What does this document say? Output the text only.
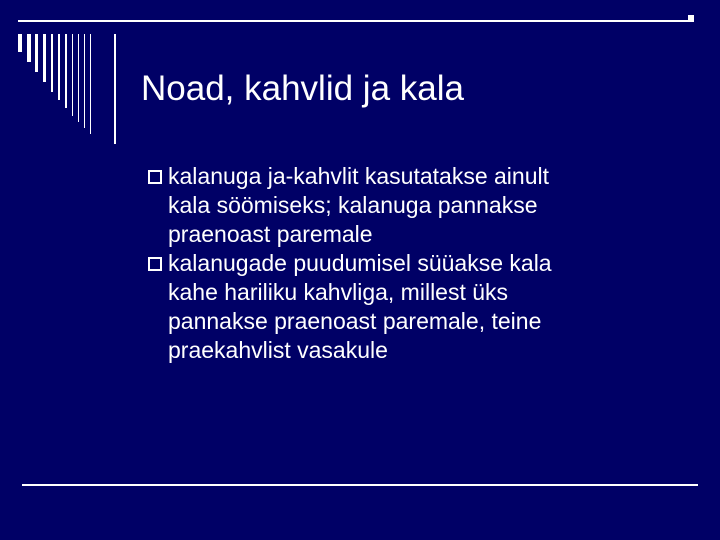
Noad, kahvlid ja kala
kalanuga ja-kahvlit kasutatakse ainult
kala söömiseks; kalanuga pannakse
praenoast paremale
kalanugade puudumisel süüakse kala
kahe hariliku kahvliga, millest üks
pannakse praenoast paremale, teine
praekahvlist vasakule
